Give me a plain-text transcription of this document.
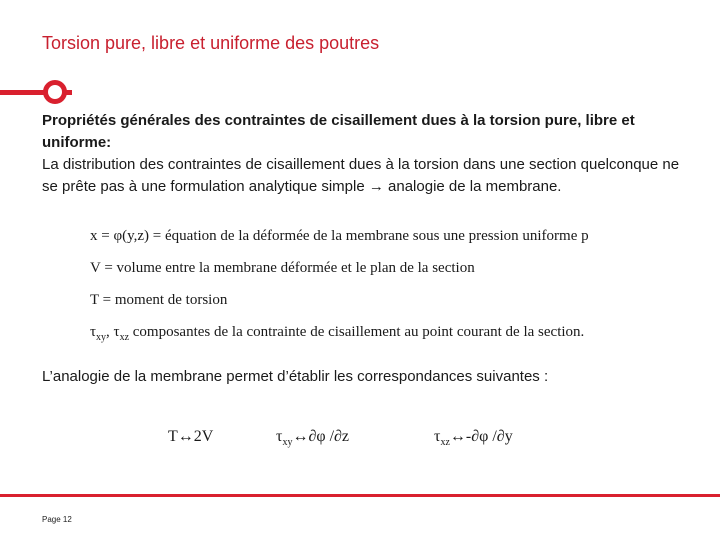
Torsion pure, libre et uniforme des poutres
Propriétés générales des contraintes de cisaillement dues à la torsion pure, libre et uniforme:
La distribution des contraintes de cisaillement dues à la torsion dans une section quelconque ne se prête pas à une formulation analytique simple → analogie de la membrane.
x = φ(y,z) = équation de la déformée de la membrane sous une pression uniforme p
V = volume entre la membrane déformée et le plan de la section
T = moment de torsion
$\tau_{xy}$, $\tau_{xz}$ composantes de la contrainte de cisaillement au point courant de la section.
L’analogie de la membrane permet d’établir les correspondances suivantes :
T↔2V	$\tau_{xy}\leftrightarrow\partial\varphi$ /∂z	$\tau_{xz}\leftrightarrow-\partial\varphi$ /∂y
Page 12
